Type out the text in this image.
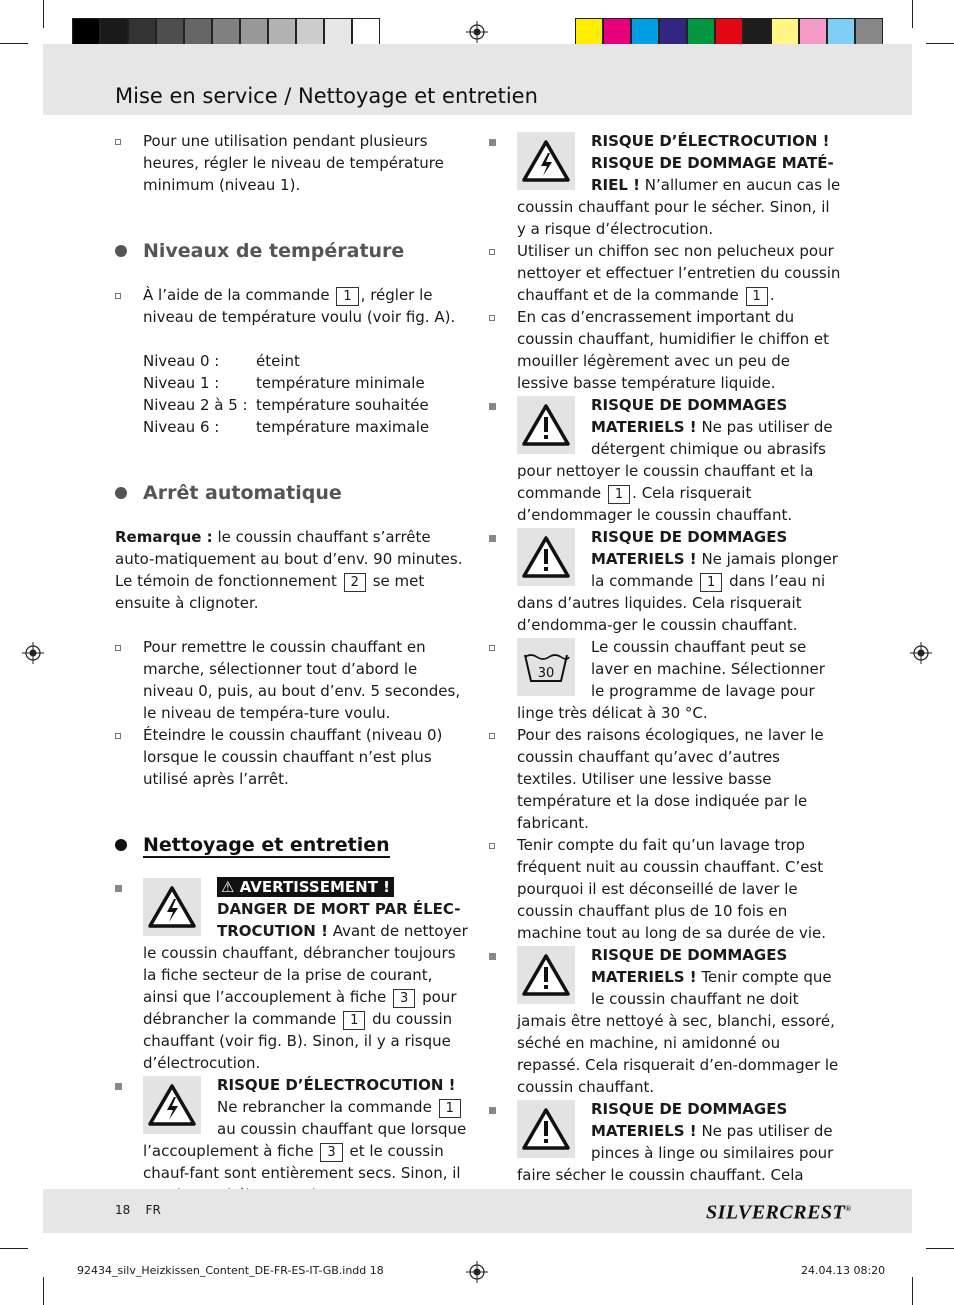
Mise en service / Nettoyage et entretien
Pour une utilisation pendant plusieurs heures, régler le niveau de température minimum (niveau 1).
Niveaux de température
À l’aide de la commande 1 , régler le niveau de température voulu (voir fig. A).
Niveau 0 :	éteint
Niveau 1 :	température minimale
Niveau 2 à 5 : température souhaitée
Niveau 6 :	température maximale
Arrêt automatique
Remarque : le coussin chauffant s’arrête auto-matiquement au bout d’env. 90 minutes. Le témoin de fonctionnement 2 se met ensuite à clignoter.
Pour remettre le coussin chauffant en marche, sélectionner tout d’abord le niveau 0, puis, au bout d’env. 5 secondes, le niveau de tempéra-ture voulu.
Éteindre le coussin chauffant (niveau 0) lorsque le coussin chauffant n’est plus utilisé après l’arrêt.
Nettoyage et entretien
⚠ AVERTISSEMENT !
DANGER DE MORT PAR ÉLEC-TROCUTION ! Avant de nettoyer le coussin chauffant, débrancher toujours la fiche secteur de la prise de courant, ainsi que l’accouplement à fiche 3 pour débrancher la commande 1 du coussin chauffant (voir fig. B). Sinon, il y a risque d’électrocution.
RISQUE D’ÉLECTROCUTION !
Ne rebrancher la commande 1 au coussin chauffant que lorsque l’accouplement à fiche 3 et le coussin chauf-fant sont entièrement secs. Sinon, il
RISQUE D’ÉLECTROCUTION ! RISQUE DE DOMMAGE MATÉ-RIEL ! N’allumer en aucun cas le coussin chauffant pour le sécher. Sinon, il y a risque d’électrocution.
Utiliser un chiffon sec non pelucheux pour nettoyer et effectuer l’entretien du coussin chauffant et de la commande 1 .
En cas d’encrassement important du coussin chauffant, humidifier le chiffon et mouiller légèrement avec un peu de lessive basse température liquide.
RISQUE DE DOMMAGES MATERIELS ! Ne pas utiliser de détergent chimique ou abrasifs pour nettoyer le coussin chauffant et la commande 1 . Cela risquerait d’endommager le coussin chauffant.
RISQUE DE DOMMAGES MATERIELS ! Ne jamais plonger la commande 1 dans l’eau ni dans d’autres liquides. Cela risquerait d’endomma-ger le coussin chauffant.
30
Le coussin chauffant peut se laver en machine. Sélectionner le programme de lavage pour linge très délicat à 30 °C.
Pour des raisons écologiques, ne laver le coussin chauffant qu’avec d’autres textiles. Utiliser une lessive basse température et la dose indiquée par le fabricant.
Tenir compte du fait qu’un lavage trop fréquent nuit au coussin chauffant. C’est pourquoi il est déconseillé de laver le coussin chauffant plus de 10 fois en machine tout au long de sa durée de vie.
RISQUE DE DOMMAGES MATERIELS ! Tenir compte que le coussin chauffant ne doit jamais être nettoyé à sec, blanchi, essoré, séché en machine, ni amidonné ou repassé. Cela risquerait d’en-dommager le coussin chauffant.
RISQUE DE DOMMAGES MATERIELS ! Ne pas utiliser de pinces à linge ou similaires pour faire sécher le coussin chauffant. Cela
18 FR	SILVERCREST®
92434_silv_Heizkissen_Content_DE-FR-ES-IT-GB.indd 18	24.04.13 08:20
